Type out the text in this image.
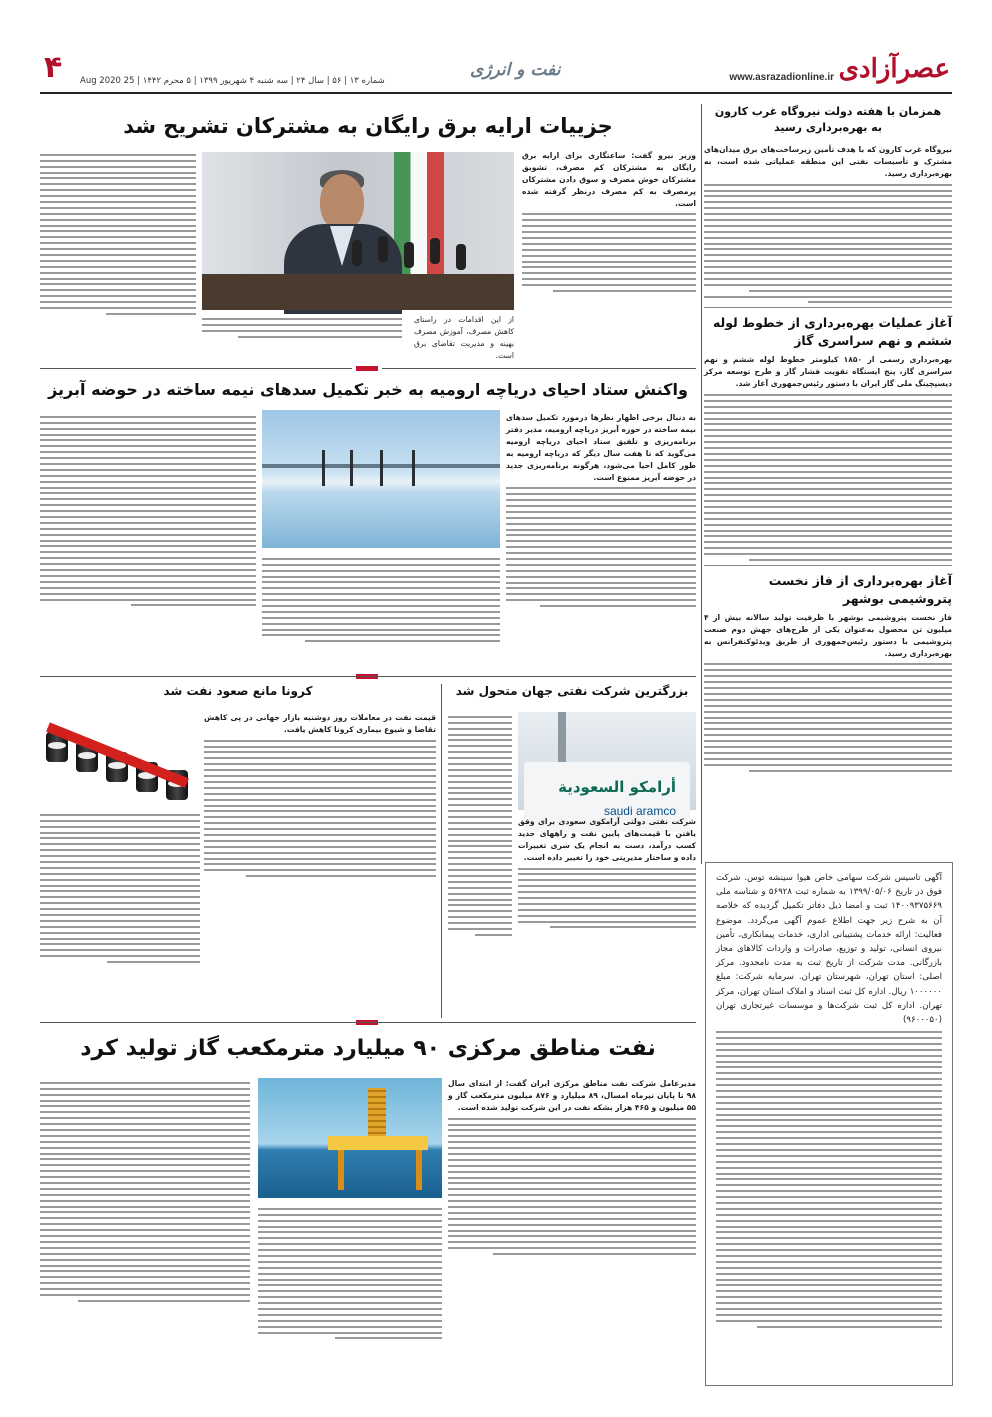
عصرآزادی
www.asrazadionline.ir
نفت و انرژی
۴ شماره ۱۳ | ۵۶ | سال ۲۴ | سه شنبه ۴ شهریور ۱۳۹۹ | ۵ محرم ۱۴۴۲ | 25 Aug 2020
همزمان با هفته دولت نیروگاه غرب کارون به بهره‌برداری رسید
نیروگاه غرب کارون که با هدف تأمین زیرساخت‌های برق میدان‌های مشترک و تأسیسات نفتی این منطقه عملیاتی شده است، به بهره‌برداری رسید.
آغاز عملیات بهره‌برداری از خطوط لوله ششم و نهم سراسری گاز
بهره‌برداری رسمی از ۱۸۵۰ کیلومتر خطوط لوله ششم و نهم سراسری گاز، پنج ایستگاه تقویت فشار گاز و طرح توسعه مرکز دیسپچینگ ملی گاز ایران با دستور رئیس‌جمهوری آغاز شد.
آغاز بهره‌برداری از فاز نخست پتروشیمی بوشهر
فاز نخست پتروشیمی بوشهر با ظرفیت تولید سالانه بیش از ۴ میلیون تن محصول به‌عنوان یکی از طرح‌های جهش دوم صنعت پتروشیمی با دستور رئیس‌جمهوری از طریق ویدئوکنفرانس به بهره‌برداری رسید.
جزییات ارایه برق رایگان به مشترکان تشریح شد
وزیر نیرو گفت: ساعتگاری برای ارایه برق رایگان به مشترکان کم مصرف، تشویق مشترکان خوش مصرف و سوق دادن مشترکان پرمصرف به کم مصرف درنظر گرفته شده است.
از این اقدامات در راستای کاهش مصرف، آموزش مصرف بهینه و مدیریت تقاضای برق است.
واکنش ستاد احیای دریاچه ارومیه به خبر تکمیل سدهای نیمه ساخته در حوضه آبریز
به دنبال برخی اظهار نظرها درمورد تکمیل سدهای نیمه ساخته در حوزه آبریز دریاچه ارومیه، مدیر دفتر برنامه‌ریزی و تلفیق ستاد احیای دریاچه ارومیه می‌گوید که تا هفت سال دیگر که دریاچه ارومیه به طور کامل احیا می‌شود، هرگونه برنامه‌ریزی جدید در حوضه آبریز ممنوع است.
بزرگترین شرکت نفتی جهان متحول شد
أرامكو السعودية
saudi aramco
شرکت نفتی دولتی آرامکوی سعودی برای وفق یافتن با قیمت‌های پایین نفت و راههای جدید کسب درآمد، دست به انجام یک سری تغییرات داده و ساختار مدیریتی خود را تغییر داده است.
کرونا مانع صعود نفت شد
قیمت نفت در معاملات روز دوشنبه بازار جهانی در پی کاهش تقاضا و شیوع بیماری کرونا کاهش یافت.
نفت مناطق مرکزی ۹۰ میلیارد مترمکعب گاز تولید کرد
مدیرعامل شرکت نفت مناطق مرکزی ایران گفت: از ابتدای سال ۹۸ تا پایان تیرماه امسال، ۸۹ میلیارد و ۸۷۶ میلیون مترمکعب گاز و ۵۵ میلیون و ۴۶۵ هزار بشکه نفت در این شرکت تولید شده است.
آگهی تاسیس شرکت سهامی خاص هیوا سینشه توس. شرکت فوق در تاریخ ۱۳۹۹/۰۵/۰۶ به شماره ثبت ۵۶۹۲۸ و شناسه ملی ۱۴۰۰۹۳۷۵۶۶۹ ثبت و امضا ذیل دفاتر تکمیل گردیده که خلاصه آن به شرح زیر جهت اطلاع عموم آگهی می‌گردد. موضوع فعالیت: ارائه خدمات پشتیبانی اداری، خدمات پیمانکاری، تأمین نیروی انسانی، تولید و توزیع، صادرات و واردات کالاهای مجاز بازرگانی. مدت شرکت از تاریخ ثبت به مدت نامحدود. مرکز اصلی: استان تهران، شهرستان تهران. سرمایه شرکت: مبلغ ۱۰۰۰۰۰۰ ریال. اداره کل ثبت اسناد و املاک استان تهران، مرکز تهران. اداره کل ثبت شرکت‌ها و موسسات غیرتجاری تهران (۹۶۰۰۰۵۰)
